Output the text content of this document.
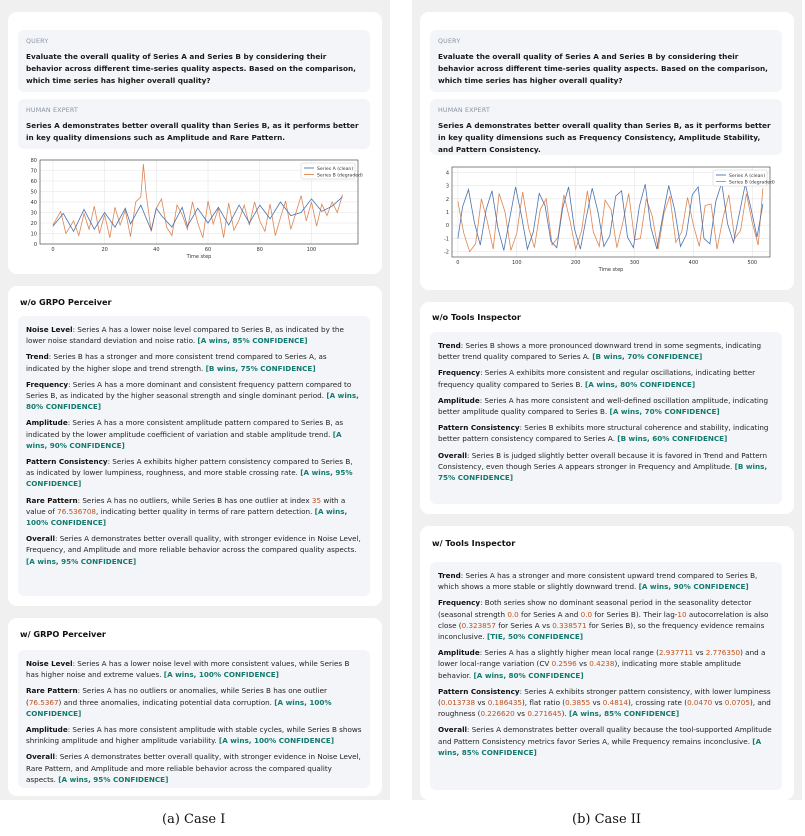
QUERY
Evaluate the overall quality of Series A and Series B by considering their behavior across different time-series quality aspects. Based on the comparison, which time series has higher overall quality?
HUMAN EXPERT
Series A demonstrates better overall quality than Series B, as it performs better in key quality dimensions such as Amplitude and Rare Pattern.
0
10
20
30
40
50
60
70
80
0	20	40	60	80	100
Time step
Series A (clean)
Series B (degraded)
w/o GRPO Perceiver
Noise Level: Series A has a lower noise level compared to Series B, as indicated by the lower noise standard deviation and noise ratio. [A wins, 85% CONFIDENCE]
Trend: Series B has a stronger and more consistent trend compared to Series A, as indicated by the higher slope and trend strength. [B wins, 75% CONFIDENCE]
Frequency: Series A has a more dominant and consistent frequency pattern compared to Series B, as indicated by the higher seasonal strength and single dominant period. [A wins, 80% CONFIDENCE]
Amplitude: Series A has a more consistent amplitude pattern compared to Series B, as indicated by the lower amplitude coefficient of variation and stable amplitude trend. [A wins, 90% CONFIDENCE]
Pattern Consistency: Series A exhibits higher pattern consistency compared to Series B, as indicated by lower lumpiness, roughness, and more stable crossing rate. [A wins, 95% CONFIDENCE]
Rare Pattern: Series A has no outliers, while Series B has one outlier at index 35 with a value of 76.536708, indicating better quality in terms of rare pattern detection. [A wins, 100% CONFIDENCE]
Overall: Series A demonstrates better overall quality, with stronger evidence in Noise Level, Frequency, and Amplitude and more reliable behavior across the compared quality aspects. [A wins, 95% CONFIDENCE]
w/ GRPO Perceiver
Noise Level: Series A has a lower noise level with more consistent values, while Series B has higher noise and extreme values. [A wins, 100% CONFIDENCE]
Rare Pattern: Series A has no outliers or anomalies, while Series B has one outlier (76.5367) and three anomalies, indicating potential data corruption. [A wins, 100% CONFIDENCE]
Amplitude: Series A has more consistent amplitude with stable cycles, while Series B shows shrinking amplitude and higher amplitude variability. [A wins, 100% CONFIDENCE]
Overall: Series A demonstrates better overall quality, with stronger evidence in Noise Level, Rare Pattern, and Amplitude and more reliable behavior across the compared quality aspects. [A wins, 95% CONFIDENCE]
(a) Case I
QUERY
Evaluate the overall quality of Series A and Series B by considering their behavior across different time-series quality aspects. Based on the comparison, which time series has higher overall quality?
HUMAN EXPERT
Series A demonstrates better overall quality than Series B, as it performs better in key quality dimensions such as Frequency Consistency, Amplitude Stability, and Pattern Consistency.
-2
-1
0
1
2
3
4
0	100	200	300	400	500
Time step
Series A (clean)
Series B (degraded)
w/o Tools Inspector
Trend: Series B shows a more pronounced downward trend in some segments, indicating better trend quality compared to Series A. [B wins, 70% CONFIDENCE]
Frequency: Series A exhibits more consistent and regular oscillations, indicating better frequency quality compared to Series B. [A wins, 80% CONFIDENCE]
Amplitude: Series A has more consistent and well-defined oscillation amplitude, indicating better amplitude quality compared to Series B. [A wins, 70% CONFIDENCE]
Pattern Consistency: Series B exhibits more structural coherence and stability, indicating better pattern consistency compared to Series A. [B wins, 60% CONFIDENCE]
Overall: Series B is judged slightly better overall because it is favored in Trend and Pattern Consistency, even though Series A appears stronger in Frequency and Amplitude. [B wins, 75% CONFIDENCE]
w/ Tools Inspector
Trend: Series A has a stronger and more consistent upward trend compared to Series B, which shows a more stable or slightly downward trend. [A wins, 90% CONFIDENCE]
Frequency: Both series show no dominant seasonal period in the seasonality detector (seasonal strength 0.0 for Series A and 0.0 for Series B). Their lag-10 autocorrelation is also close (0.323857 for Series A vs 0.338571 for Series B), so the frequency evidence remains inconclusive. [TIE, 50% CONFIDENCE]
Amplitude: Series A has a slightly higher mean local range (2.937711 vs 2.776350) and a lower local-range variation (CV 0.2596 vs 0.4238), indicating more stable amplitude behavior. [A wins, 80% CONFIDENCE]
Pattern Consistency: Series A exhibits stronger pattern consistency, with lower lumpiness (0.013738 vs 0.186435), flat ratio (0.3855 vs 0.4814), crossing rate (0.0470 vs 0.0705), and roughness (0.226620 vs 0.271645). [A wins, 85% CONFIDENCE]
Overall: Series A demonstrates better overall quality because the tool-supported Amplitude and Pattern Consistency metrics favor Series A, while Frequency remains inconclusive. [A wins, 85% CONFIDENCE]
(b) Case II
